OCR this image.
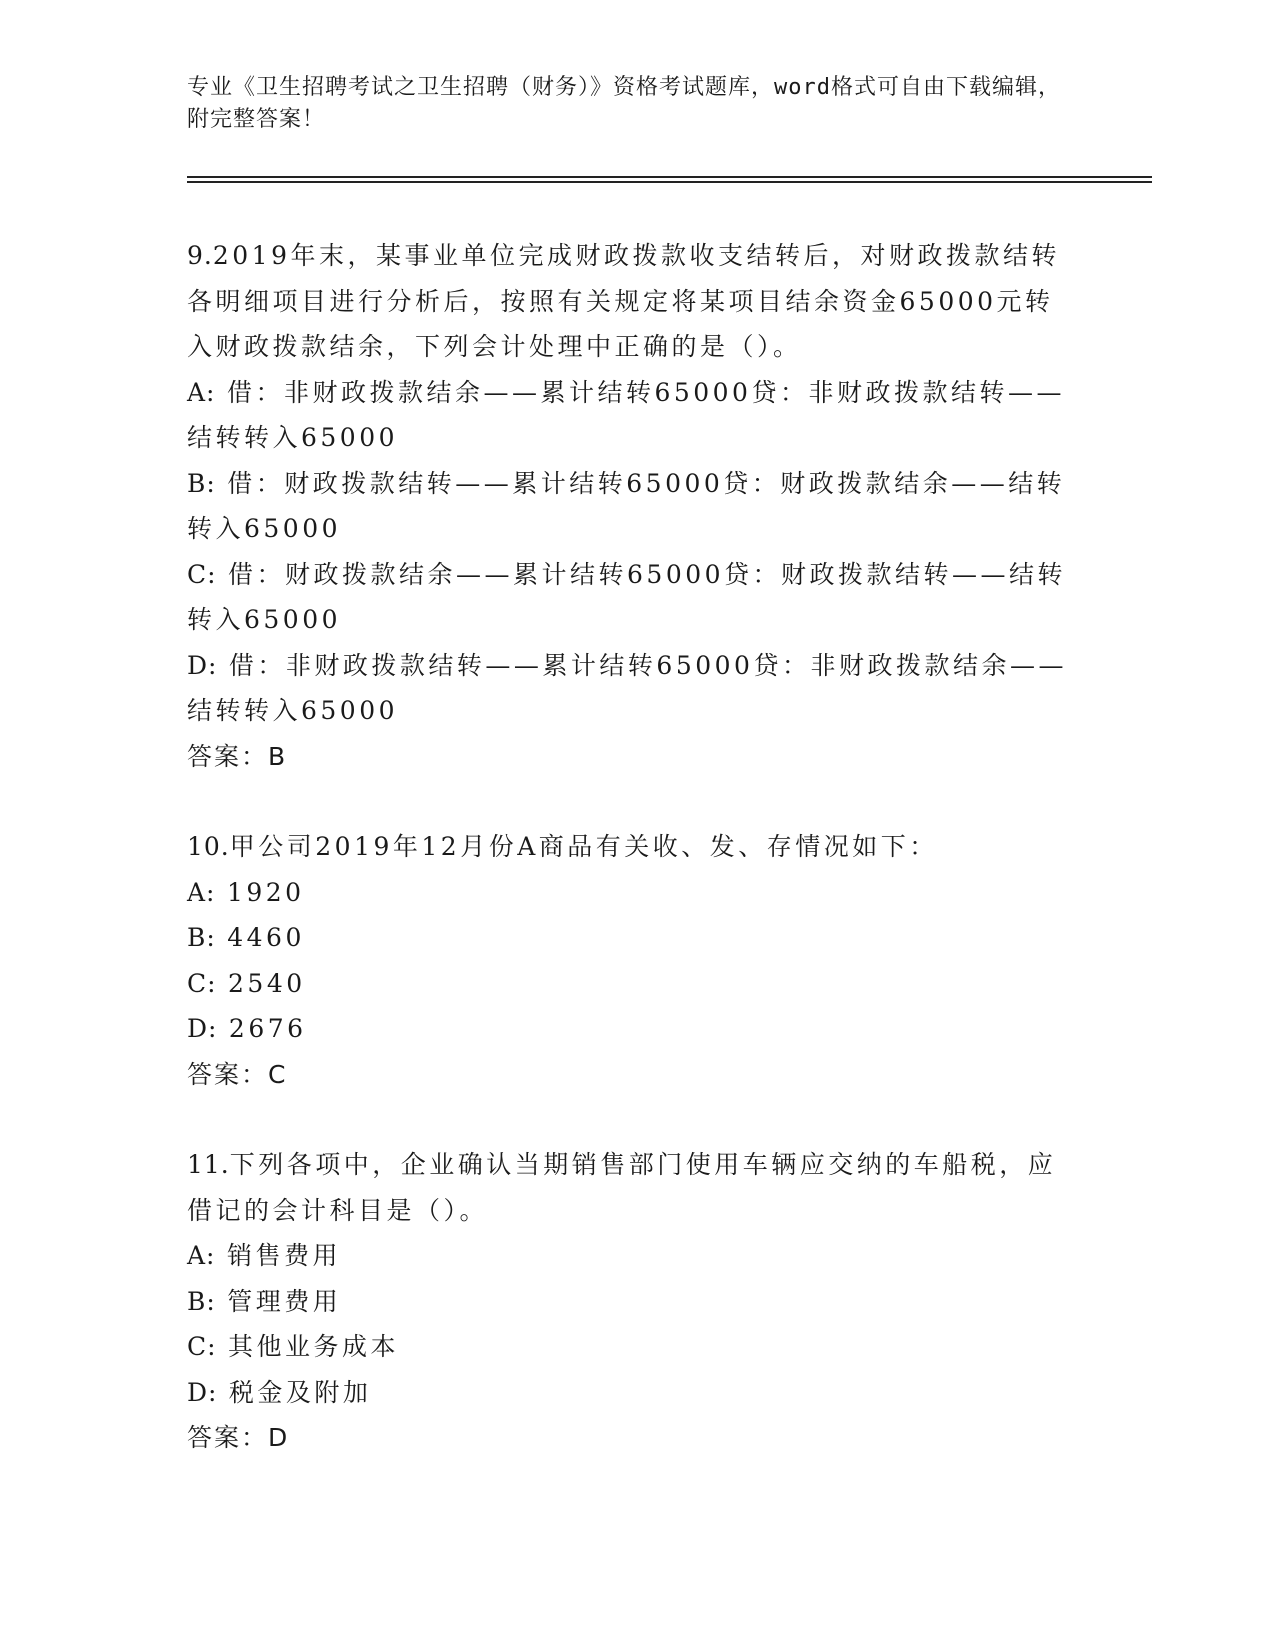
专业《卫生招聘考试之卫生招聘（财务）》资格考试题库，word格式可自由下载编辑，附完整答案！

9.2019年末，某事业单位完成财政拨款收支结转后，对财政拨款结转各明细项目进行分析后，按照有关规定将某项目结余资金65000元转入财政拨款结余，下列会计处理中正确的是（）。

A: 借：非财政拨款结余——累计结转65000贷：非财政拨款结转——结转转入65000

B: 借：财政拨款结转——累计结转65000贷：财政拨款结余——结转转入65000

C: 借：财政拨款结余——累计结转65000贷：财政拨款结转——结转转入65000

D: 借：非财政拨款结转——累计结转65000贷：非财政拨款结余——结转转入65000

答案：B

10.甲公司2019年12月份A商品有关收、发、存情况如下：

A: 1920

B: 4460

C: 2540

D: 2676

答案：C

11.下列各项中，企业确认当期销售部门使用车辆应交纳的车船税，应借记的会计科目是（）。

A: 销售费用

B: 管理费用

C: 其他业务成本

D: 税金及附加

答案：D
